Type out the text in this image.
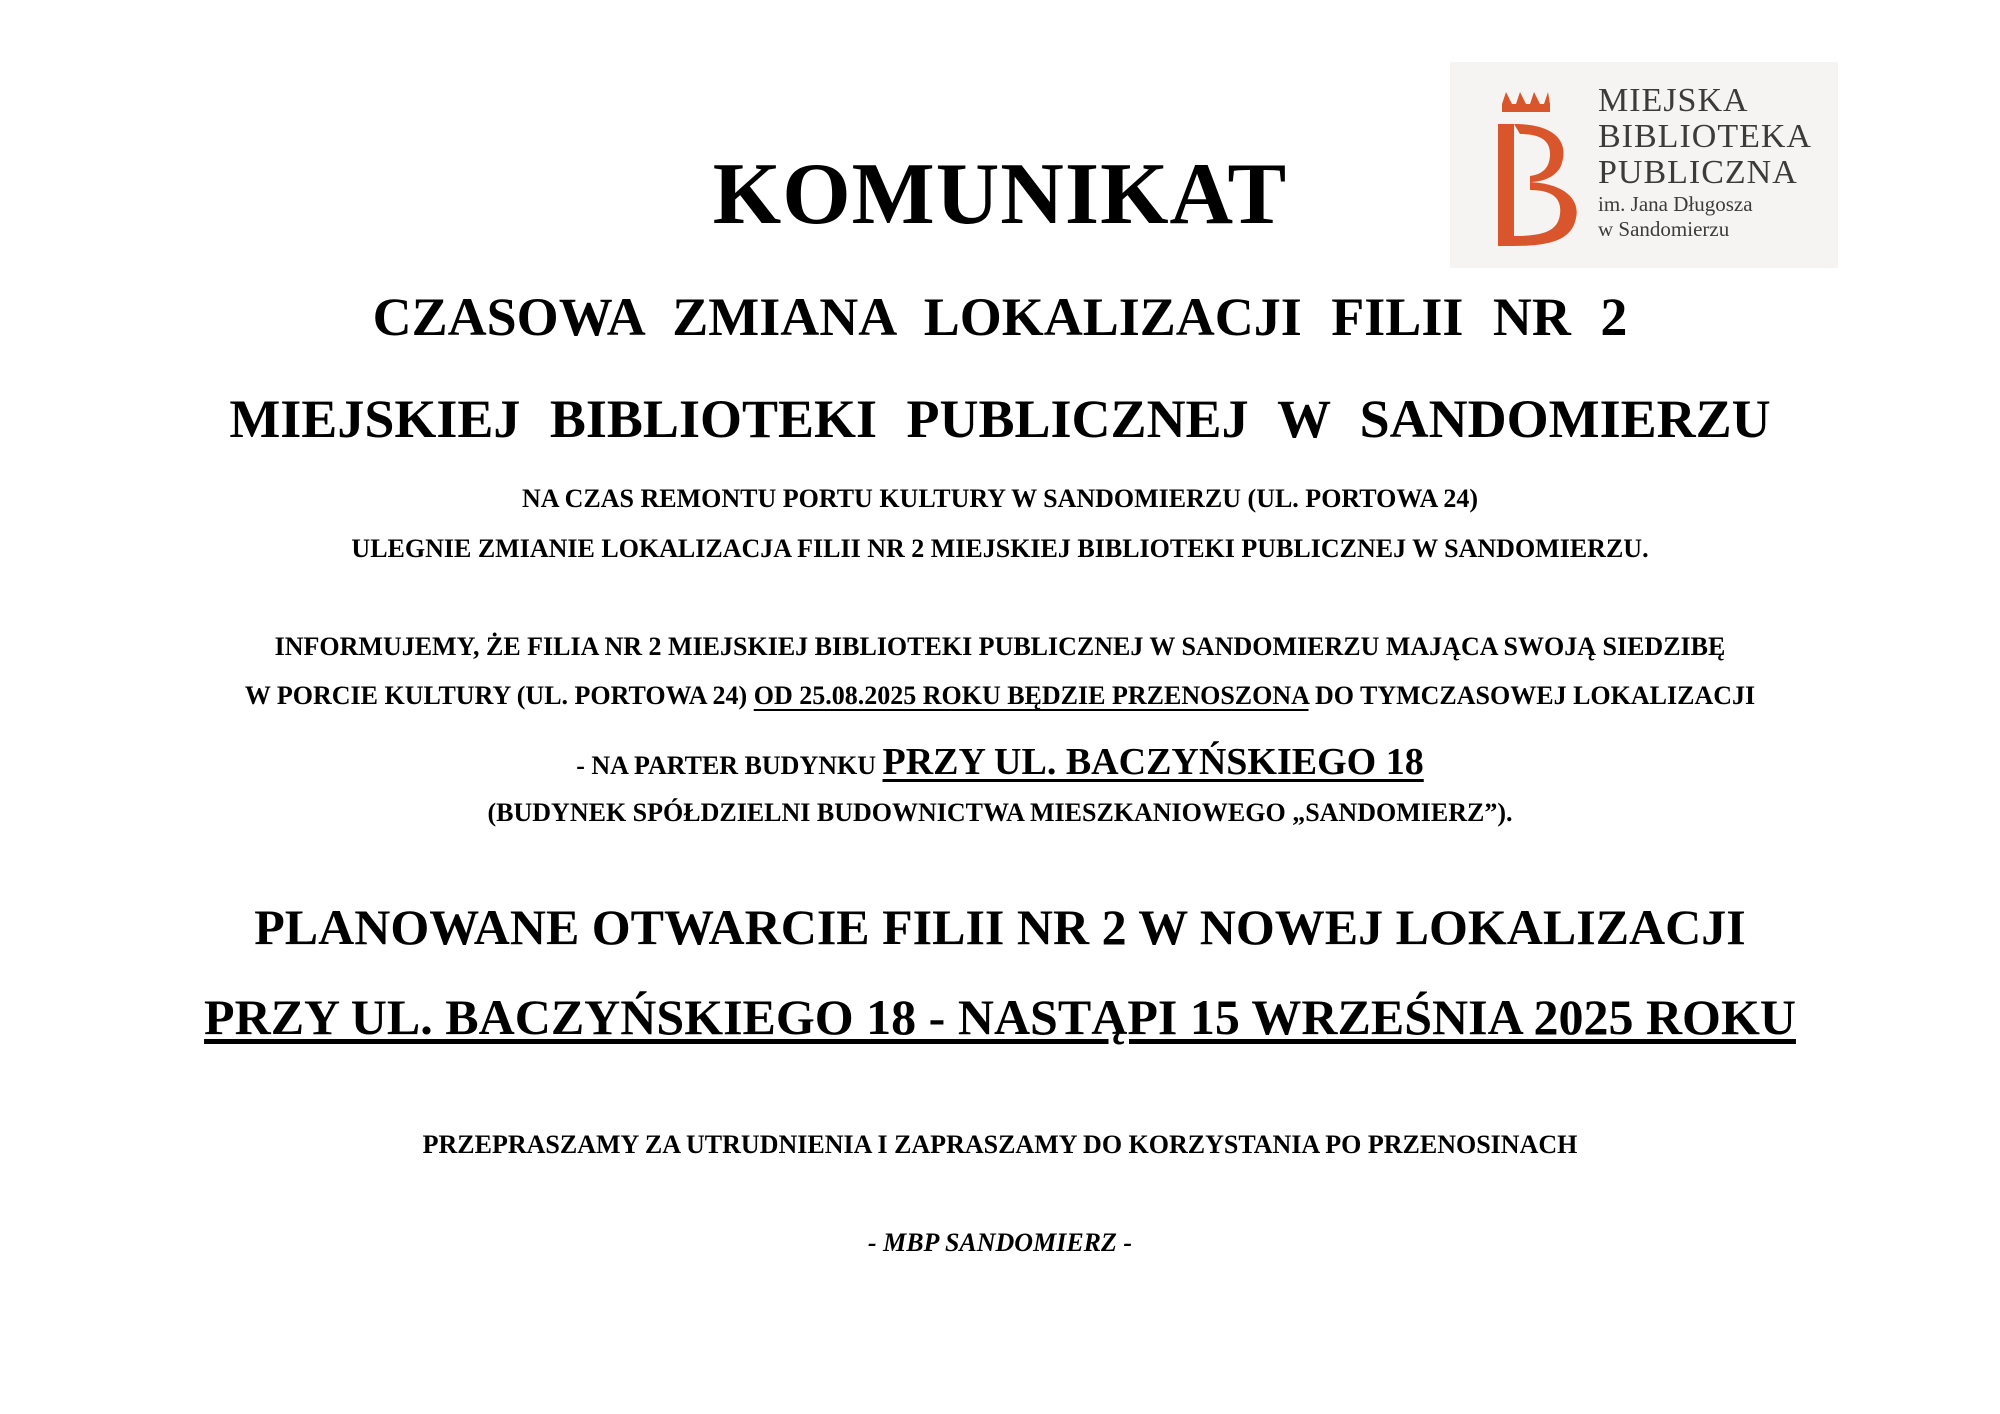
MIEJSKA
BIBLIOTEKA
PUBLICZNA
im. Jana Długosza
w Sandomierzu
KOMUNIKAT
CZASOWA ZMIANA LOKALIZACJI FILII NR 2
MIEJSKIEJ BIBLIOTEKI PUBLICZNEJ W SANDOMIERZU
NA CZAS REMONTU PORTU KULTURY W SANDOMIERZU (UL. PORTOWA 24)
ULEGNIE ZMIANIE LOKALIZACJA FILII NR 2 MIEJSKIEJ BIBLIOTEKI PUBLICZNEJ W SANDOMIERZU.
INFORMUJEMY, ŻE FILIA NR 2 MIEJSKIEJ BIBLIOTEKI PUBLICZNEJ W SANDOMIERZU MAJĄCA SWOJĄ SIEDZIBĘ
W PORCIE KULTURY (UL. PORTOWA 24) OD 25.08.2025 ROKU BĘDZIE PRZENOSZONA DO TYMCZASOWEJ LOKALIZACJI
- NA PARTER BUDYNKU PRZY UL. BACZYŃSKIEGO 18
(BUDYNEK SPÓŁDZIELNI BUDOWNICTWA MIESZKANIOWEGO „SANDOMIERZ”).
PLANOWANE OTWARCIE FILII NR 2 W NOWEJ LOKALIZACJI
PRZY UL. BACZYŃSKIEGO 18 - NASTĄPI 15 WRZEŚNIA 2025 ROKU
PRZEPRASZAMY ZA UTRUDNIENIA I ZAPRASZAMY DO KORZYSTANIA PO PRZENOSINACH
- MBP SANDOMIERZ -
